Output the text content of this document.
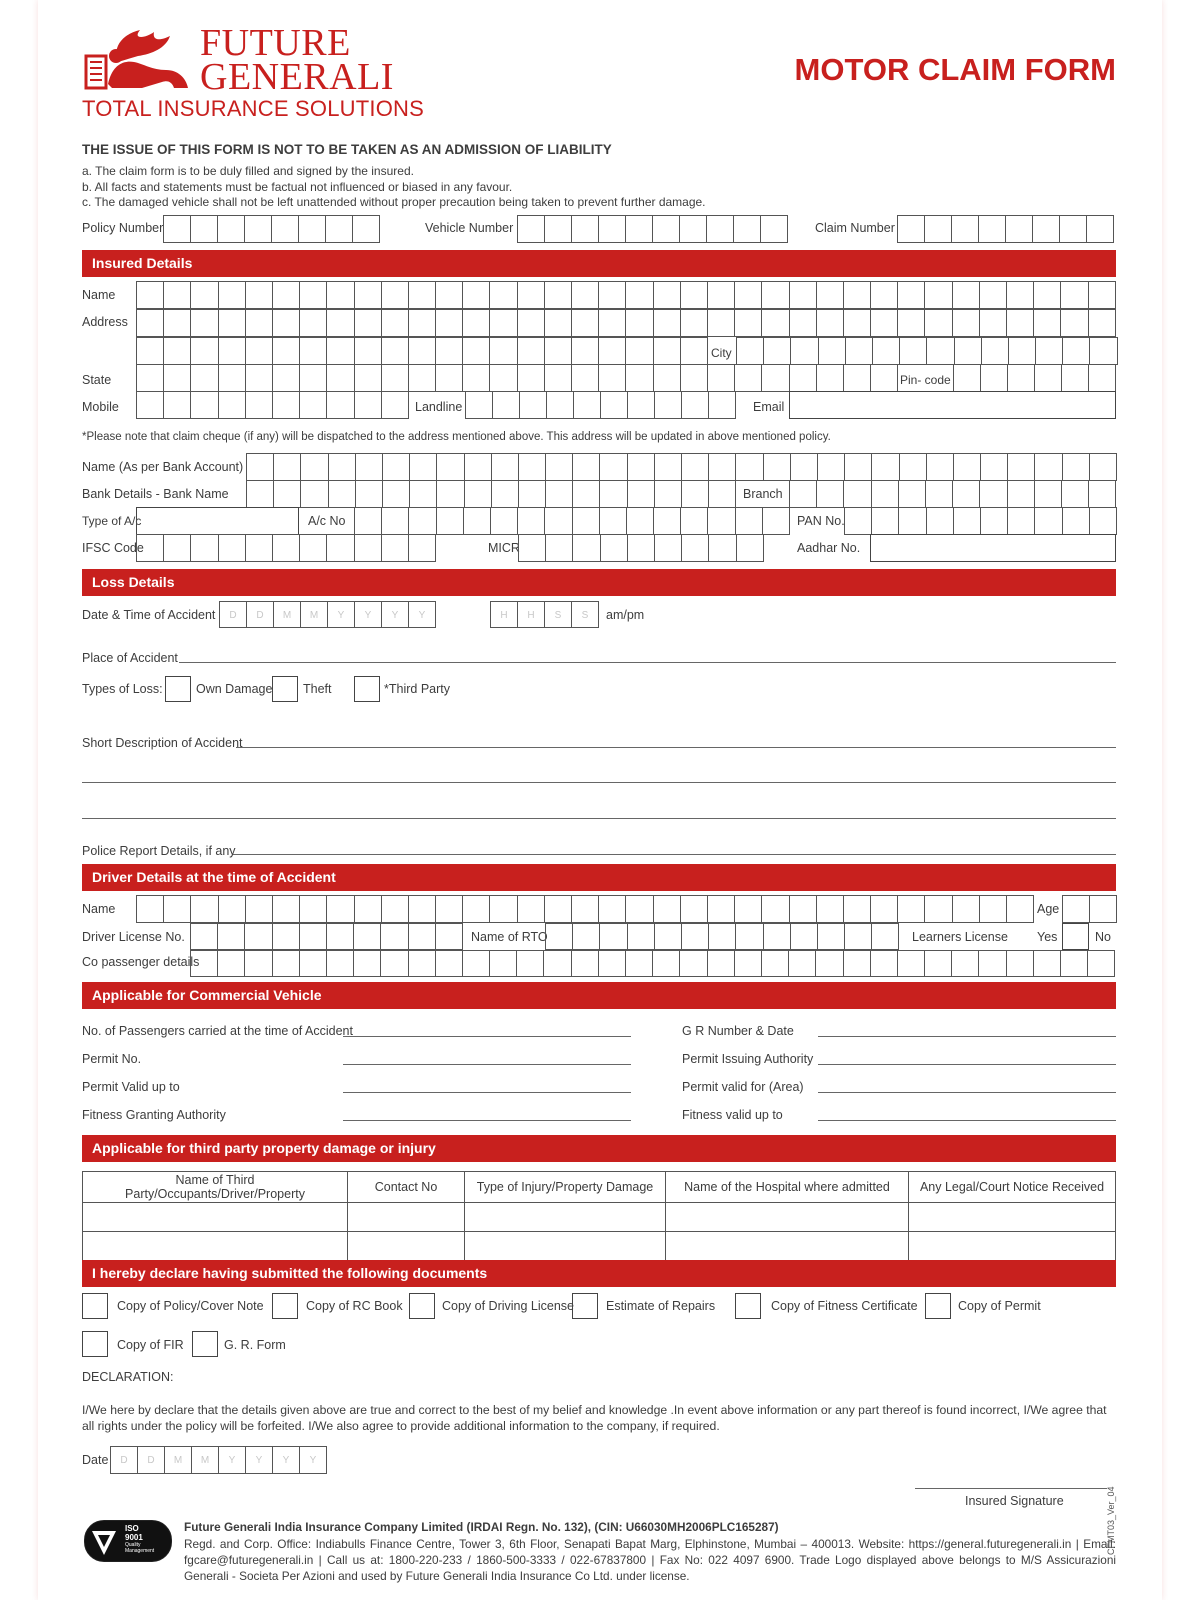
FUTURE
GENERALI
TOTAL INSURANCE SOLUTIONS
MOTOR CLAIM FORM
THE ISSUE OF THIS FORM IS NOT TO BE TAKEN AS AN ADMISSION OF LIABILITY
a. The claim form is to be duly filled and signed by the insured.
b. All facts and statements must be factual not influenced or biased in any favour.
c. The damaged vehicle shall not be left unattended without proper precaution being taken to prevent further damage.
Policy Number	Vehicle Number	Claim Number
Insured Details
Name
Address
City
State	Pin- code
Mobile	Landline	Email
*Please note that claim cheque (if any) will be dispatched to the address mentioned above. This address will be updated in above mentioned policy.
Name (As per Bank Account)
Bank Details - Bank Name	Branch
Type of A/c	A/c No	PAN No.
IFSC Code	MICR	Aadhar No.
Loss Details
Date & Time of Accident	D	D	M	M	Y	Y	Y	Y	H	H	S	S	am/pm
Place of Accident
Types of Loss:	Own Damage Theft	*Third Party
Short Description of Accident
Police Report Details, if any
Driver Details at the time of Accident
Name	Age
Driver License No.	Name of RTO	Learners License Yes	No
Co passenger details
Applicable for Commercial Vehicle
No. of Passengers carried at the time of Accident	G R Number & Date
Permit No.	Permit Issuing Authority
Permit Valid up to	Permit valid for (Area)
Fitness Granting Authority	Fitness valid up to
Applicable for third party property damage or injury
Name of Third Party/Occupants/Driver/Property	Contact No	Type of Injury/Property Damage	Name of the Hospital where admitted	Any Legal/Court Notice Received

I hereby declare having submitted the following documents
Copy of Policy/Cover Note	Copy of RC Book	Copy of Driving License	Estimate of Repairs	Copy of Fitness Certificate	Copy of Permit
Copy of FIR	G. R. Form
DECLARATION:
I/We here by declare that the details given above are true and correct to the best of my belief and knowledge .In event above information or any part thereof is found incorrect, I/We agree that all rights under the policy will be forfeited. I/We also agree to provide additional information to the company, if required.
Date	D	D	M	M	Y	Y	Y	Y
Insured Signature
bsi.
ISO
9001
Quality
Management
Future Generali India Insurance Company Limited (IRDAI Regn. No. 132), (CIN: U66030MH2006PLC165287)
Regd. and Corp. Office: Indiabulls Finance Centre, Tower 3, 6th Floor, Senapati Bapat Marg, Elphinstone, Mumbai – 400013. Website: https://general.futuregenerali.in | Email: fgcare@futuregenerali.in | Call us at: 1800-220-233 / 1860-500-3333 / 022-67837800 | Fax No: 022 4097 6900. Trade Logo displayed above belongs to M/S Assicurazioni Generali - Societa Per Azioni and used by Future Generali India Insurance Co Ltd. under license.
CFMT03_Ver_04
